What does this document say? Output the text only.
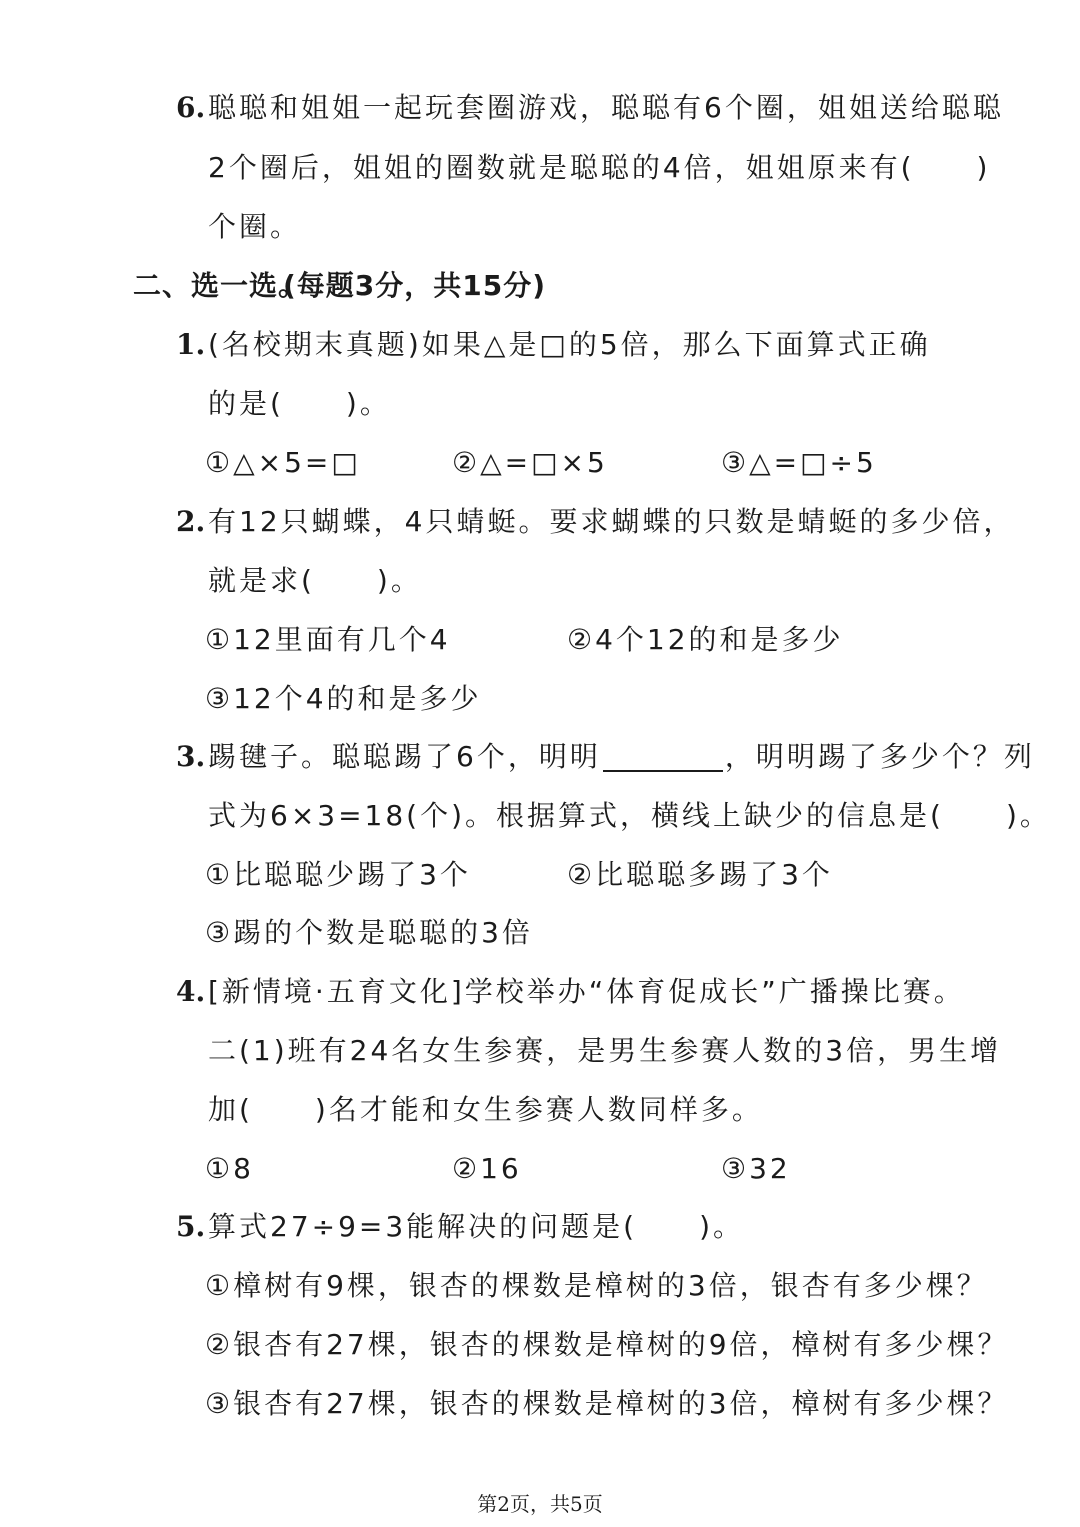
6. 聪聪和姐姐一起玩套圈游戏，聪聪有6个圈，姐姐送给聪聪
2个圈后，姐姐的圈数就是聪聪的4倍，姐姐原来有(　　)
个圈。
二、选一选。
(每题3分，共15分)
1. (名校期末真题)如果△是□的5倍，那么下面算式正确
的是(　　)。
①△×5=□	②△=□×5	③△=□÷5
2. 有12只蝴蝶，4只蜻蜓。要求蝴蝶的只数是蜻蜓的多少倍，
就是求(　　)。
①12里面有几个4	②4个12的和是多少
③12个4的和是多少
3. 踢毽子。聪聪踢了6个，明明	，明明踢了多少个？列
式为6×3=18(个)。根据算式，横线上缺少的信息是(　　)。
①比聪聪少踢了3个	②比聪聪多踢了3个
③踢的个数是聪聪的3倍
4. [新情境·五育文化]学校举办“体育促成长”广播操比赛。
二(1)班有24名女生参赛，是男生参赛人数的3倍，男生增
加(　　)名才能和女生参赛人数同样多。
①8	②16	③32
5. 算式27÷9=3能解决的问题是(　　)。
①樟树有9棵，银杏的棵数是樟树的3倍，银杏有多少棵？
②银杏有27棵，银杏的棵数是樟树的9倍，樟树有多少棵？
③银杏有27棵，银杏的棵数是樟树的3倍，樟树有多少棵？
第2页，共5页
